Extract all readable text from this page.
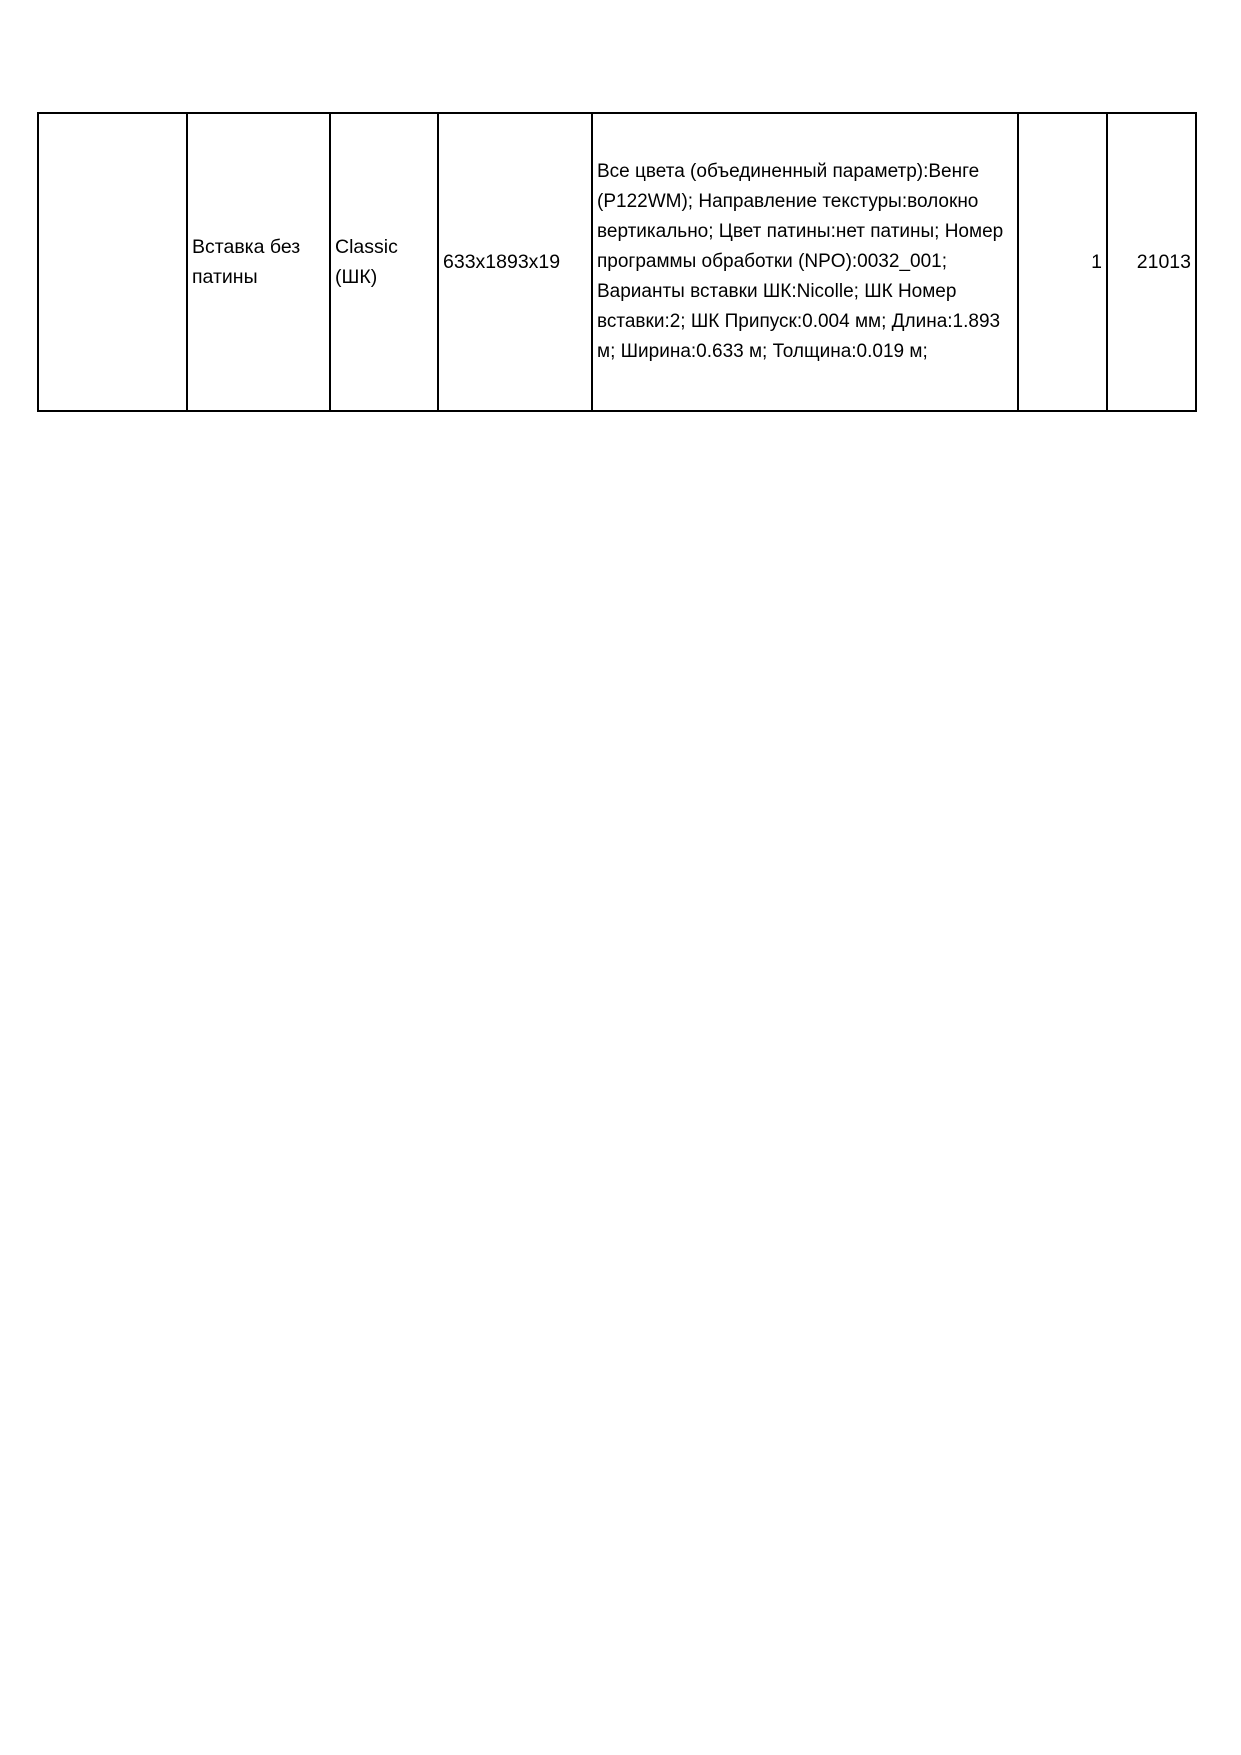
	Вставка без патины	Classic (ШК)	633x1893x19	Все цвета (объединенный параметр):Венге (P122WM); Направление текстуры:волокно вертикально; Цвет патины:нет патины; Номер программы обработки (NPO):0032_001; Варианты вставки ШК:Nicolle; ШК Номер вставки:2; ШК Припуск:0.004 мм; Длина:1.893 м; Ширина:0.633 м; Толщина:0.019 м;	1	21013
